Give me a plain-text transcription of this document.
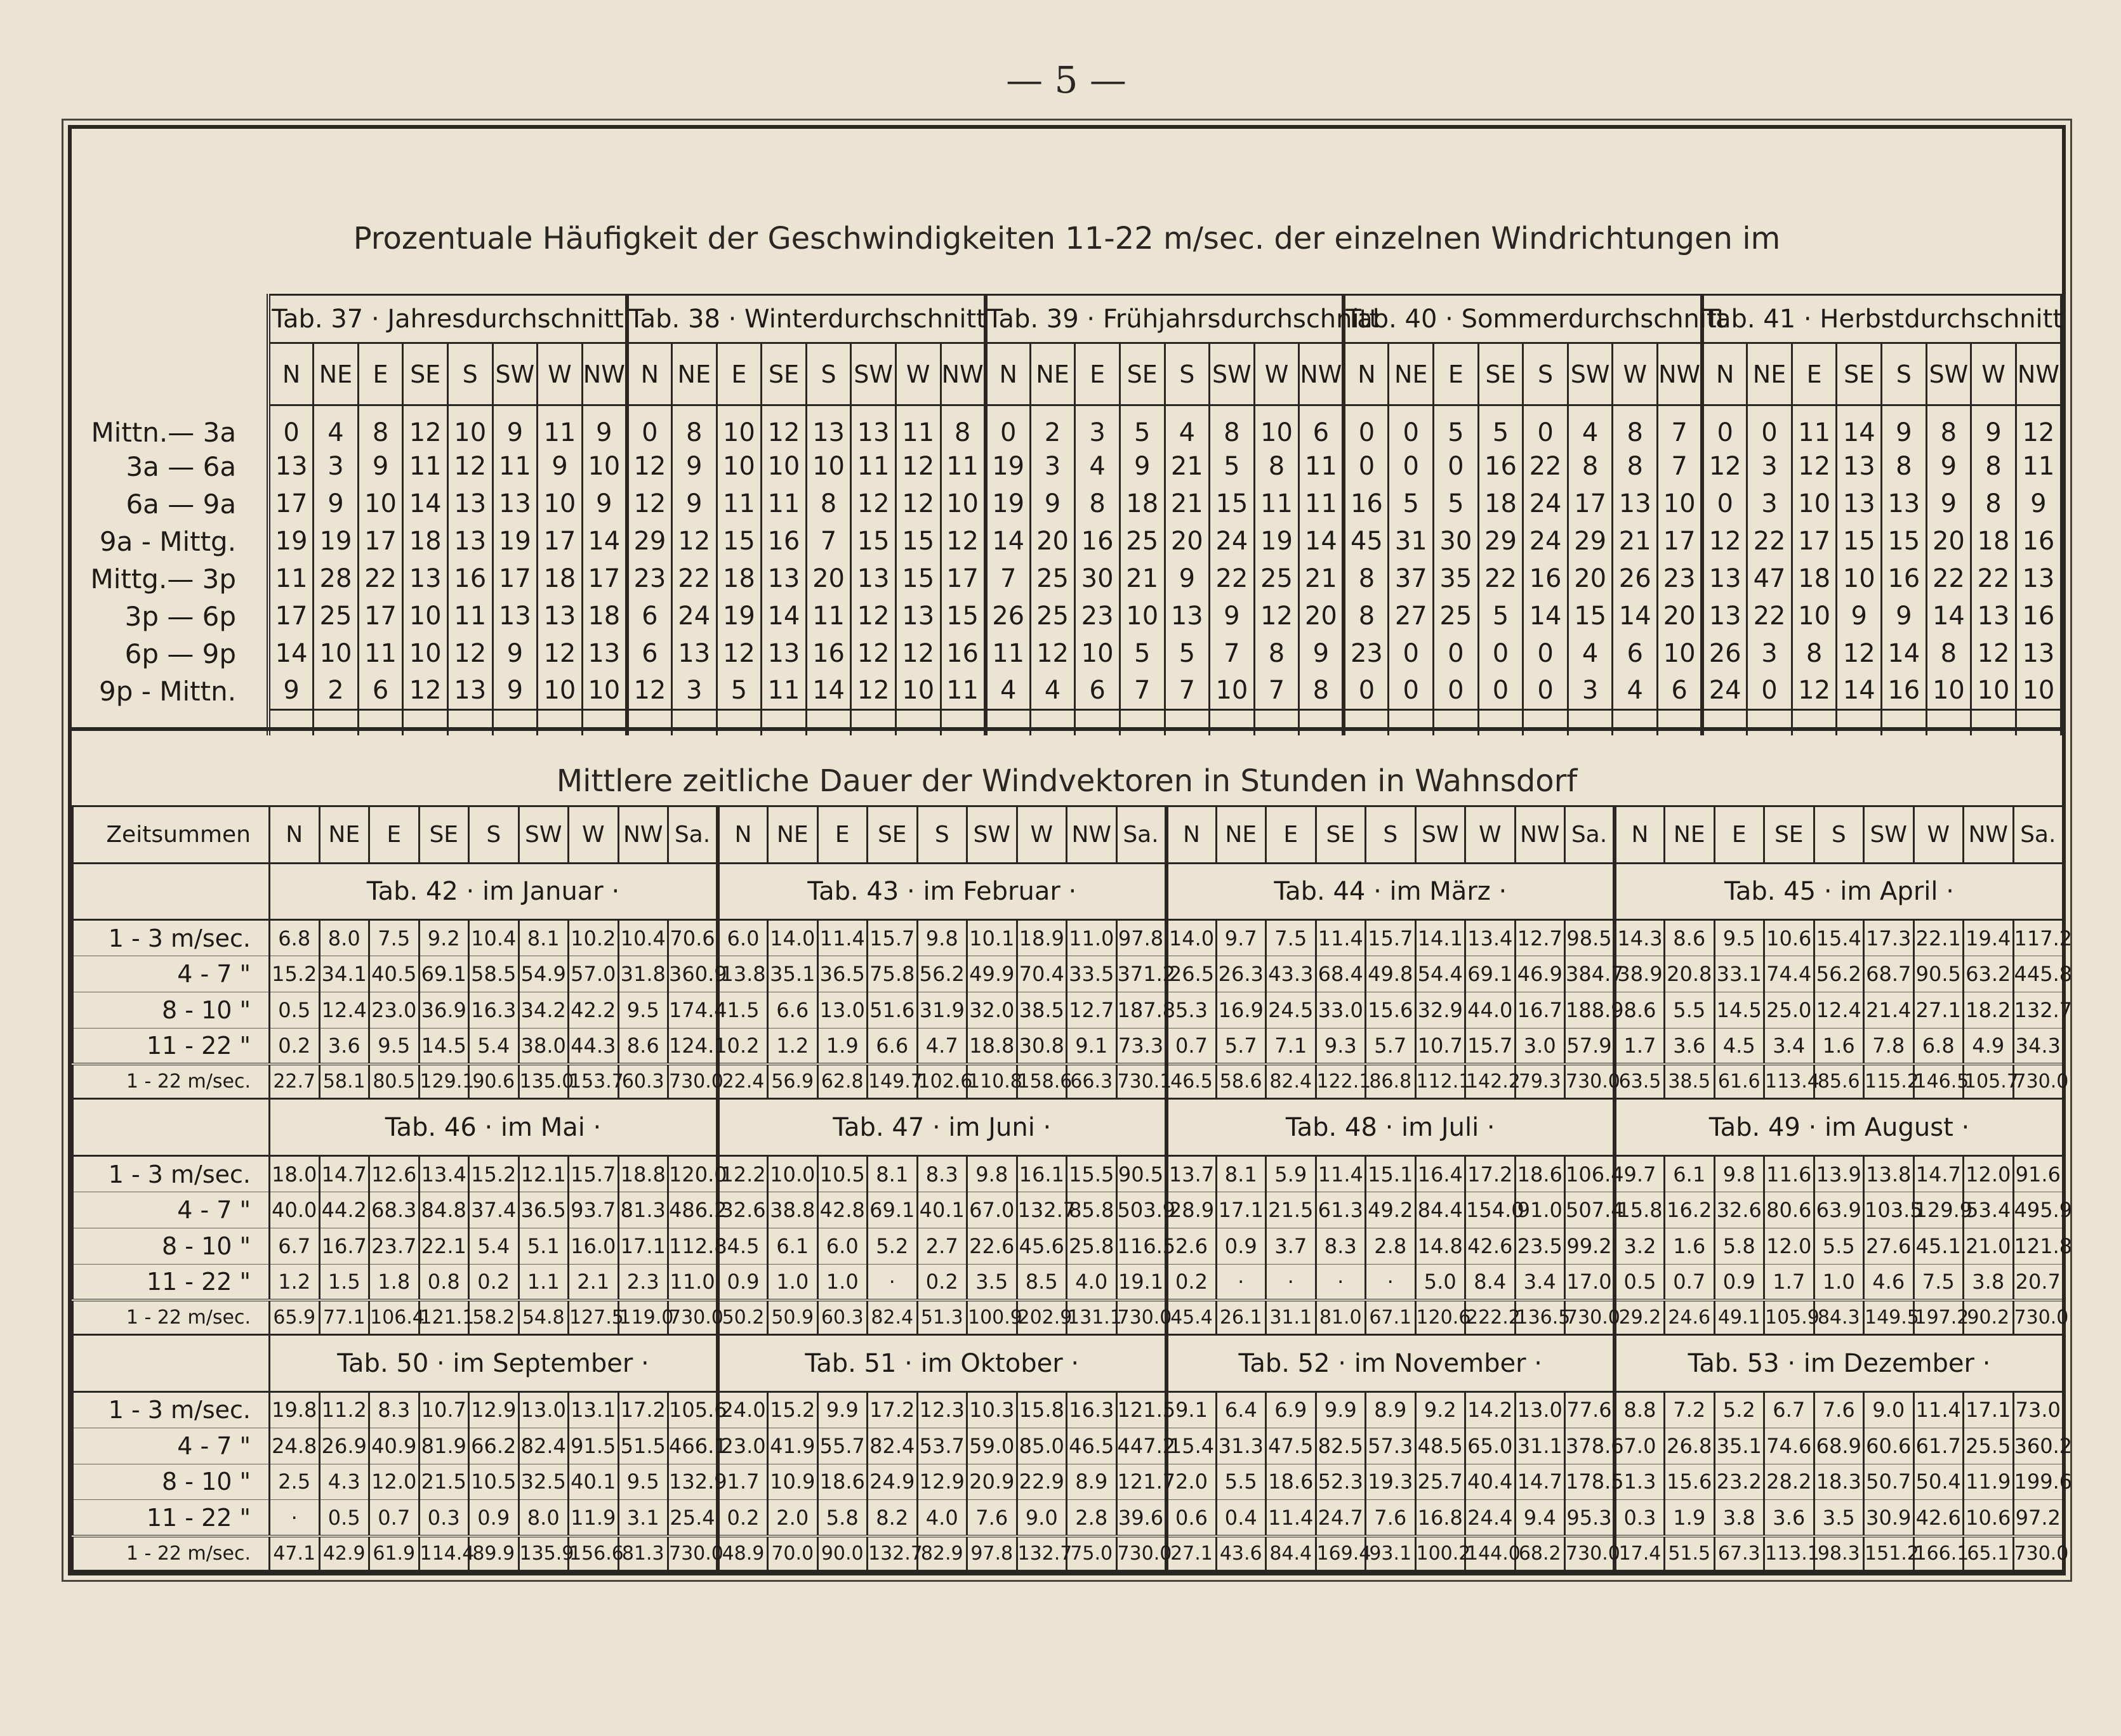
— 5 —
Prozentuale Häufigkeit der Geschwindigkeiten 11-22 m/sec. der einzelnen Windrichtungen im
	Tab. 37 · Jahresdurchschnitt								Tab. 38 · Winterdurchschnitt								Tab. 39 · Frühjahrsdurchschnitt								Tab. 40 · Sommerdurchschnitt								Tab. 41 · Herbstdurchschnitt							
	N	NE	E	SE	S	SW	W	NW	N	NE	E	SE	S	SW	W	NW	N	NE	E	SE	S	SW	W	NW	N	NE	E	SE	S	SW	W	NW	N	NE	E	SE	S	SW	W	NW
Mittn.— 3a	0	4	8	12	10	9	11	9	0	8	10	12	13	13	11	8	0	2	3	5	4	8	10	6	0	0	5	5	0	4	8	7	0	0	11	14	9	8	9	12
3a — 6a	13	3	9	11	12	11	9	10	12	9	10	10	10	11	12	11	19	3	4	9	21	5	8	11	0	0	0	16	22	8	8	7	12	3	12	13	8	9	8	11
6a — 9a	17	9	10	14	13	13	10	9	12	9	11	11	8	12	12	10	19	9	8	18	21	15	11	11	16	5	5	18	24	17	13	10	0	3	10	13	13	9	8	9
9a - Mittg.	19	19	17	18	13	19	17	14	29	12	15	16	7	15	15	12	14	20	16	25	20	24	19	14	45	31	30	29	24	29	21	17	12	22	17	15	15	20	18	16
Mittg.— 3p	11	28	22	13	16	17	18	17	23	22	18	13	20	13	15	17	7	25	30	21	9	22	25	21	8	37	35	22	16	20	26	23	13	47	18	10	16	22	22	13
3p — 6p	17	25	17	10	11	13	13	18	6	24	19	14	11	12	13	15	26	25	23	10	13	9	12	20	8	27	25	5	14	15	14	20	13	22	10	9	9	14	13	16
6p — 9p	14	10	11	10	12	9	12	13	6	13	12	13	16	12	12	16	11	12	10	5	5	7	8	9	23	0	0	0	0	4	6	10	26	3	8	12	14	8	12	13
9p - Mittn.	9	2	6	12	13	9	10	10	12	3	5	11	14	12	10	11	4	4	6	7	7	10	7	8	0	0	0	0	0	3	4	6	24	0	12	14	16	10	10	10

Mittlere zeitliche Dauer der Windvektoren in Stunden in Wahnsdorf
Zeitsummen	N	NE	E	SE	S	SW	W	NW	Sa.	N	NE	E	SE	S	SW	W	NW	Sa.	N	NE	E	SE	S	SW	W	NW	Sa.	N	NE	E	SE	S	SW	W	NW	Sa.
	Tab. 42 · im Januar ·									Tab. 43 · im Februar ·									Tab. 44 · im März ·									Tab. 45 · im April ·								
1 - 3 m/sec.	6.8	8.0	7.5	9.2	10.4	8.1	10.2	10.4	70.6	6.0	14.0	11.4	15.7	9.8	10.1	18.9	11.0	97.8	14.0	9.7	7.5	11.4	15.7	14.1	13.4	12.7	98.5	14.3	8.6	9.5	10.6	15.4	17.3	22.1	19.4	117.2
4 - 7 "	15.2	34.1	40.5	69.1	58.5	54.9	57.0	31.8	360.9	13.8	35.1	36.5	75.8	56.2	49.9	70.4	33.5	371.2	26.5	26.3	43.3	68.4	49.8	54.4	69.1	46.9	384.7	38.9	20.8	33.1	74.4	56.2	68.7	90.5	63.2	445.8
8 - 10 "	0.5	12.4	23.0	36.9	16.3	34.2	42.2	9.5	174.4	1.5	6.6	13.0	51.6	31.9	32.0	38.5	12.7	187.8	5.3	16.9	24.5	33.0	15.6	32.9	44.0	16.7	188.9	8.6	5.5	14.5	25.0	12.4	21.4	27.1	18.2	132.7
11 - 22 "	0.2	3.6	9.5	14.5	5.4	38.0	44.3	8.6	124.1	0.2	1.2	1.9	6.6	4.7	18.8	30.8	9.1	73.3	0.7	5.7	7.1	9.3	5.7	10.7	15.7	3.0	57.9	1.7	3.6	4.5	3.4	1.6	7.8	6.8	4.9	34.3
1 - 22 m/sec.	22.7	58.1	80.5	129.1	90.6	135.0	153.7	60.3	730.0	22.4	56.9	62.8	149.7	102.6	110.8	158.6	66.3	730.1	46.5	58.6	82.4	122.1	86.8	112.1	142.2	79.3	730.0	63.5	38.5	61.6	113.4	85.6	115.2	146.5	105.7	730.0
	Tab. 46 · im Mai ·									Tab. 47 · im Juni ·									Tab. 48 · im Juli ·									Tab. 49 · im August ·								
1 - 3 m/sec.	18.0	14.7	12.6	13.4	15.2	12.1	15.7	18.8	120.0	12.2	10.0	10.5	8.1	8.3	9.8	16.1	15.5	90.5	13.7	8.1	5.9	11.4	15.1	16.4	17.2	18.6	106.4	9.7	6.1	9.8	11.6	13.9	13.8	14.7	12.0	91.6
4 - 7 "	40.0	44.2	68.3	84.8	37.4	36.5	93.7	81.3	486.2	32.6	38.8	42.8	69.1	40.1	67.0	132.7	85.8	503.9	28.9	17.1	21.5	61.3	49.2	84.4	154.0	91.0	507.4	15.8	16.2	32.6	80.6	63.9	103.5	129.9	53.4	495.9
8 - 10 "	6.7	16.7	23.7	22.1	5.4	5.1	16.0	17.1	112.8	4.5	6.1	6.0	5.2	2.7	22.6	45.6	25.8	116.5	2.6	0.9	3.7	8.3	2.8	14.8	42.6	23.5	99.2	3.2	1.6	5.8	12.0	5.5	27.6	45.1	21.0	121.8
11 - 22 "	1.2	1.5	1.8	0.8	0.2	1.1	2.1	2.3	11.0	0.9	1.0	1.0	·	0.2	3.5	8.5	4.0	19.1	0.2	·	·	·	·	5.0	8.4	3.4	17.0	0.5	0.7	0.9	1.7	1.0	4.6	7.5	3.8	20.7
1 - 22 m/sec.	65.9	77.1	106.4	121.1	58.2	54.8	127.5	119.0	730.0	50.2	50.9	60.3	82.4	51.3	100.9	202.9	131.1	730.0	45.4	26.1	31.1	81.0	67.1	120.6	222.2	136.5	730.0	29.2	24.6	49.1	105.9	84.3	149.5	197.2	90.2	730.0
	Tab. 50 · im September ·									Tab. 51 · im Oktober ·									Tab. 52 · im November ·									Tab. 53 · im Dezember ·								
1 - 3 m/sec.	19.8	11.2	8.3	10.7	12.9	13.0	13.1	17.2	105.6	24.0	15.2	9.9	17.2	12.3	10.3	15.8	16.3	121.5	9.1	6.4	6.9	9.9	8.9	9.2	14.2	13.0	77.6	8.8	7.2	5.2	6.7	7.6	9.0	11.4	17.1	73.0
4 - 7 "	24.8	26.9	40.9	81.9	66.2	82.4	91.5	51.5	466.1	23.0	41.9	55.7	82.4	53.7	59.0	85.0	46.5	447.2	15.4	31.3	47.5	82.5	57.3	48.5	65.0	31.1	378.6	7.0	26.8	35.1	74.6	68.9	60.6	61.7	25.5	360.2
8 - 10 "	2.5	4.3	12.0	21.5	10.5	32.5	40.1	9.5	132.9	1.7	10.9	18.6	24.9	12.9	20.9	22.9	8.9	121.7	2.0	5.5	18.6	52.3	19.3	25.7	40.4	14.7	178.5	1.3	15.6	23.2	28.2	18.3	50.7	50.4	11.9	199.6
11 - 22 "	·	0.5	0.7	0.3	0.9	8.0	11.9	3.1	25.4	0.2	2.0	5.8	8.2	4.0	7.6	9.0	2.8	39.6	0.6	0.4	11.4	24.7	7.6	16.8	24.4	9.4	95.3	0.3	1.9	3.8	3.6	3.5	30.9	42.6	10.6	97.2
1 - 22 m/sec.	47.1	42.9	61.9	114.4	89.9	135.9	156.6	81.3	730.0	48.9	70.0	90.0	132.7	82.9	97.8	132.7	75.0	730.0	27.1	43.6	84.4	169.4	93.1	100.2	144.0	68.2	730.0	17.4	51.5	67.3	113.1	98.3	151.2	166.1	65.1	730.0
